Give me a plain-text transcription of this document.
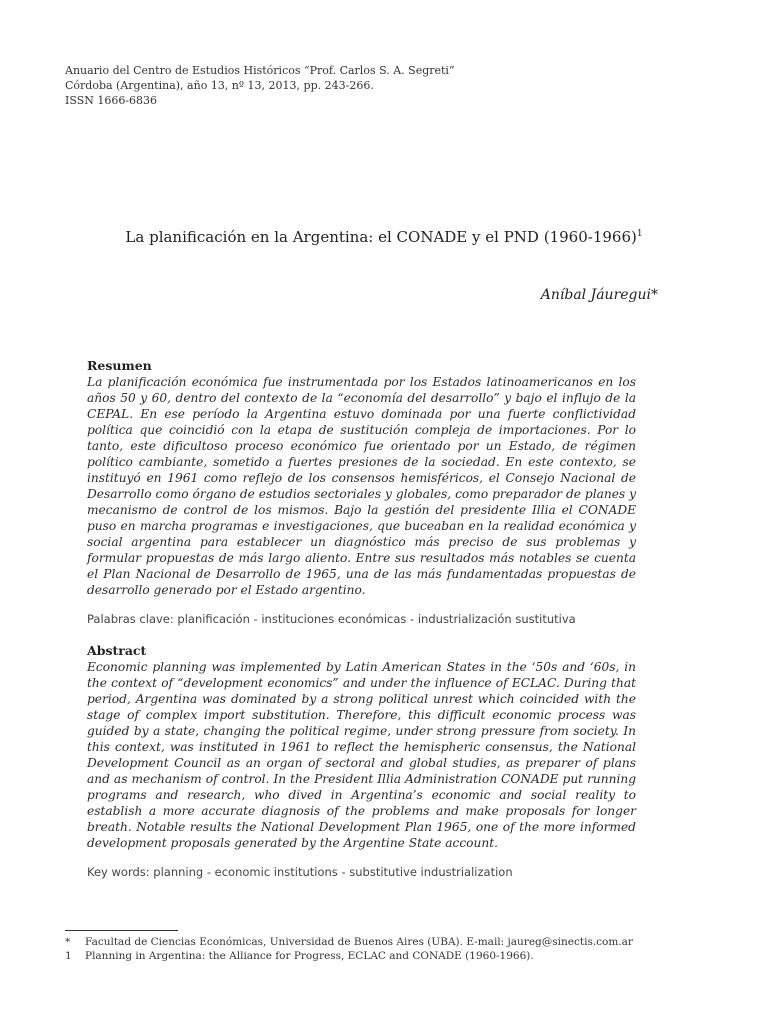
Anuario del Centro de Estudios Históricos “Prof. Carlos S. A. Segreti”
Córdoba (Argentina), año 13, nº 13, 2013, pp. 243-266.
ISSN 1666-6836
La planificación en la Argentina: el CONADE y el PND (1960-1966)$^1$
Aníbal Jáuregui*
Resumen
La planificación económica fue instrumentada por los Estados latinoamericanos en los años 50 y 60, dentro del contexto de la “economía del desarrollo” y bajo el influjo de la CEPAL. En ese período la Argentina estuvo dominada por una fuerte conflictividad política que coincidió con la etapa de sustitución compleja de importaciones. Por lo tanto, este dificultoso proceso económico fue orientado por un Estado, de régimen político cambiante, sometido a fuertes presiones de la sociedad. En este contexto, se instituyó en 1961 como reflejo de los consensos hemisféricos, el Consejo Nacional de Desarrollo como órgano de estudios sectoriales y globales, como preparador de planes y mecanismo de control de los mismos. Bajo la gestión del presidente Illia el CONADE puso en marcha programas e investigaciones, que buceaban en la realidad económica y social argentina para establecer un diagnóstico más preciso de sus problemas y formular propuestas de más largo aliento. Entre sus resultados más notables se cuenta el Plan Nacional de Desarrollo de 1965, una de las más fundamentadas propuestas de desarrollo generado por el Estado argentino.
Palabras clave: planificación - instituciones económicas - industrialización sustitutiva
Abstract
Economic planning was implemented by Latin American States in the ‘50s and ‘60s, in the context of “development economics” and under the influence of ECLAC. During that period, Argentina was dominated by a strong political unrest which coincided with the stage of complex import substitution. Therefore, this difficult economic process was guided by a state, changing the political regime, under strong pressure from society. In this context, was instituted in 1961 to reflect the hemispheric consensus, the National Development Council as an organ of sectoral and global studies, as preparer of plans and as mechanism of control. In the President Illia Administration CONADE put running programs and research, who dived in Argentina’s economic and social reality to establish a more accurate diagnosis of the problems and make proposals for longer breath. Notable results the National Development Plan 1965, one of the more informed development proposals generated by the Argentine State account.
Key words: planning - economic institutions - substitutive industrialization
*	Facultad de Ciencias Económicas, Universidad de Buenos Aires (UBA). E-mail: jaureg@sinectis.com.ar
1	Planning in Argentina: the Alliance for Progress, ECLAC and CONADE (1960-1966).
